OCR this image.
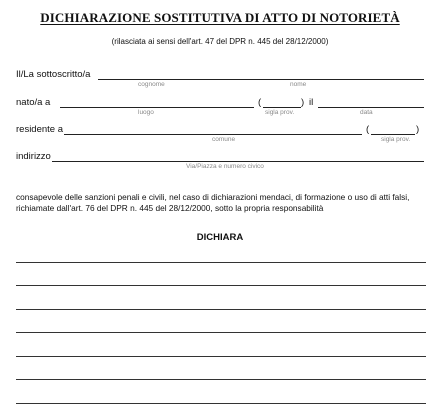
DICHIARAZIONE SOSTITUTIVA DI ATTO DI NOTORIETÀ
(rilasciata ai sensi dell'art. 47 del DPR n. 445 del 28/12/2000)
Il/La sottoscritto/a
cognome	nome
nato/a a	(	) il
luogo	sigla prov.	data
residente a	(	)
comune	sigla prov.
indirizzo
Via/Piazza e numero civico
consapevole delle sanzioni penali e civili, nel caso di dichiarazioni mendaci, di formazione o uso di atti falsi, richiamate dall'art. 76 del DPR n. 445 del 28/12/2000, sotto la propria responsabilità
DICHIARA
